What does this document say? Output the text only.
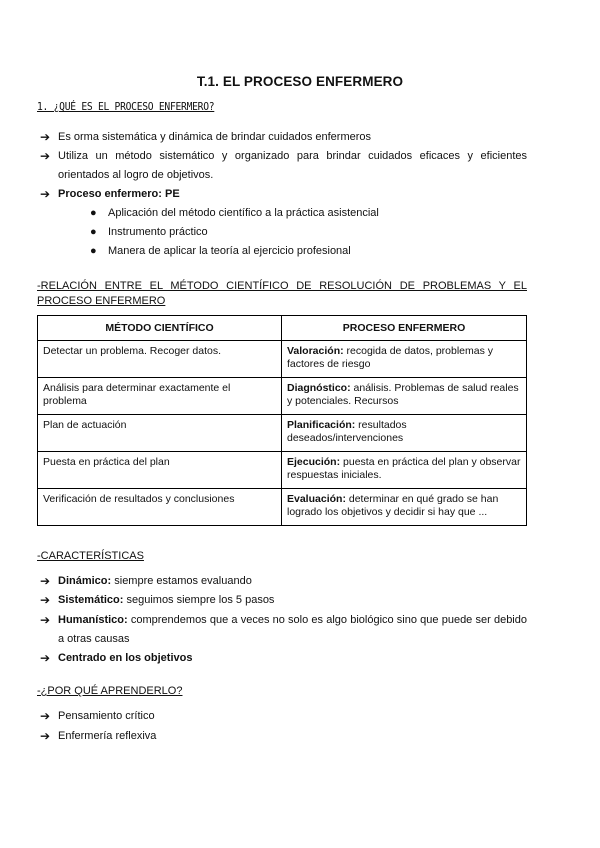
T.1. EL PROCESO ENFERMERO
1. ¿QUÉ ES EL PROCESO ENFERMERO?
➔ Es orma sistemática y dinámica de brindar cuidados enfermeros
➔ Utiliza un método sistemático y organizado para brindar cuidados eficaces y eficientes orientados al logro de objetivos.
➔ Proceso enfermero: PE
● Aplicación del método científico a la práctica asistencial
● Instrumento práctico
● Manera de aplicar la teoría al ejercicio profesional
-RELACIÓN ENTRE EL MÉTODO CIENTÍFICO DE RESOLUCIÓN DE PROBLEMAS Y EL PROCESO ENFERMERO
MÉTODO CIENTÍFICO	PROCESO ENFERMERO
Detectar un problema. Recoger datos.	Valoración: recogida de datos, problemas y factores de riesgo
Análisis para determinar exactamente el problema	Diagnóstico: análisis. Problemas de salud reales y potenciales. Recursos
Plan de actuación	Planificación: resultados deseados/intervenciones
Puesta en práctica del plan	Ejecución: puesta en práctica del plan y observar respuestas iniciales.
Verificación de resultados y conclusiones	Evaluación: determinar en qué grado se han logrado los objetivos y decidir si hay que ...
-CARACTERÍSTICAS
➔ Dinámico: siempre estamos evaluando
➔ Sistemático: seguimos siempre los 5 pasos
➔ Humanístico: comprendemos que a veces no solo es algo biológico sino que puede ser debido a otras causas
➔ Centrado en los objetivos
-¿POR QUÉ APRENDERLO?
➔ Pensamiento crítico
➔ Enfermería reflexiva
